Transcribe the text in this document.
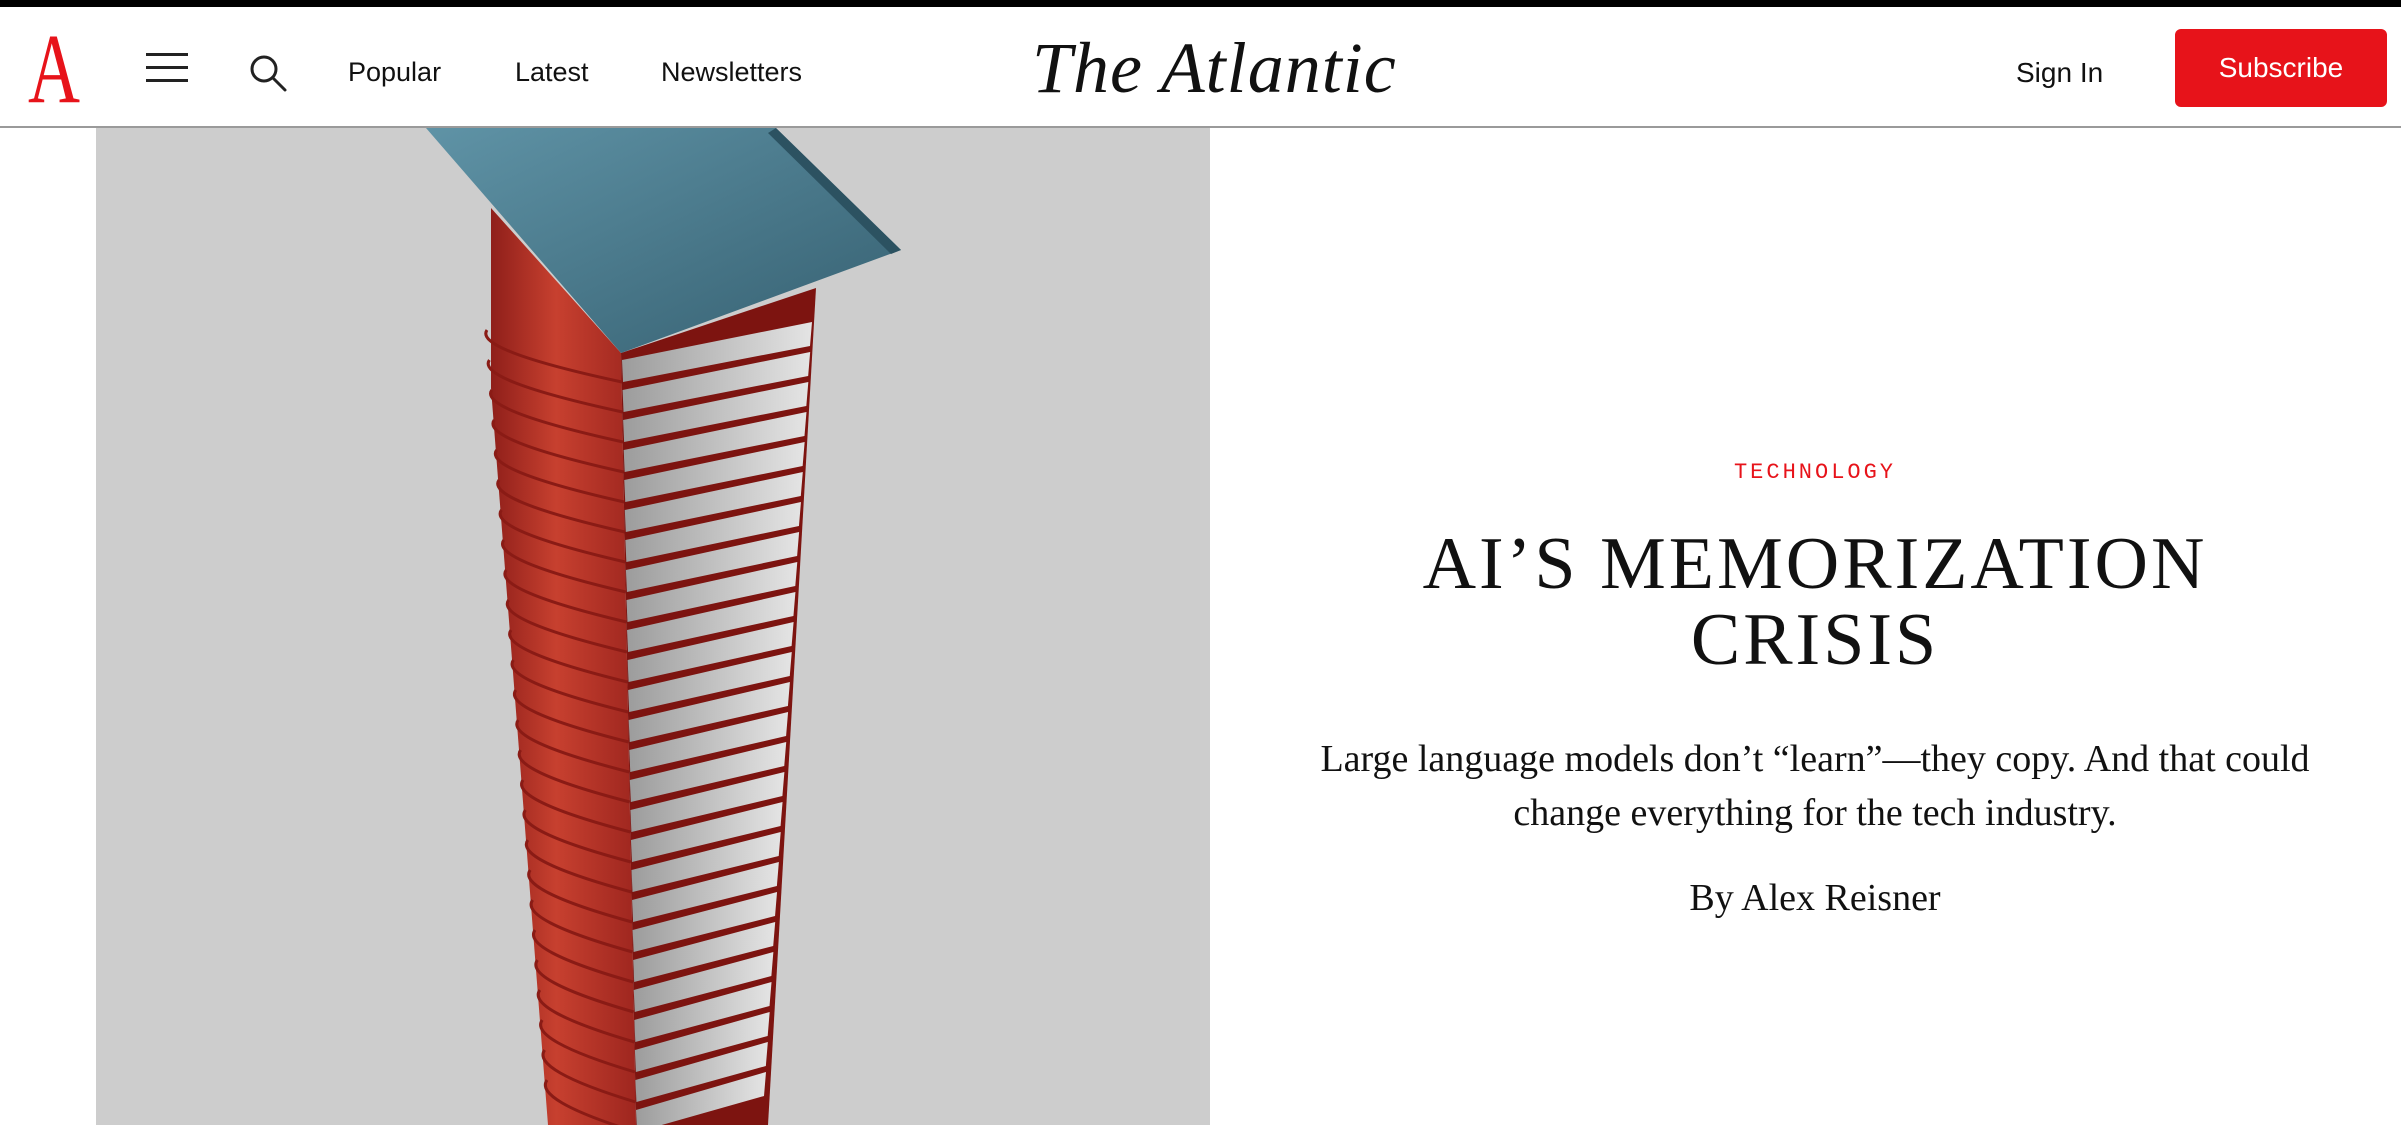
A	Popular	Latest	Newsletters	The Atlantic	Sign In	Subscribe
TECHNOLOGY
AI’S MEMORIZATION
CRISIS

Large language models don’t “learn”—they copy. And that could change everything for the tech industry.

By Alex Reisner
